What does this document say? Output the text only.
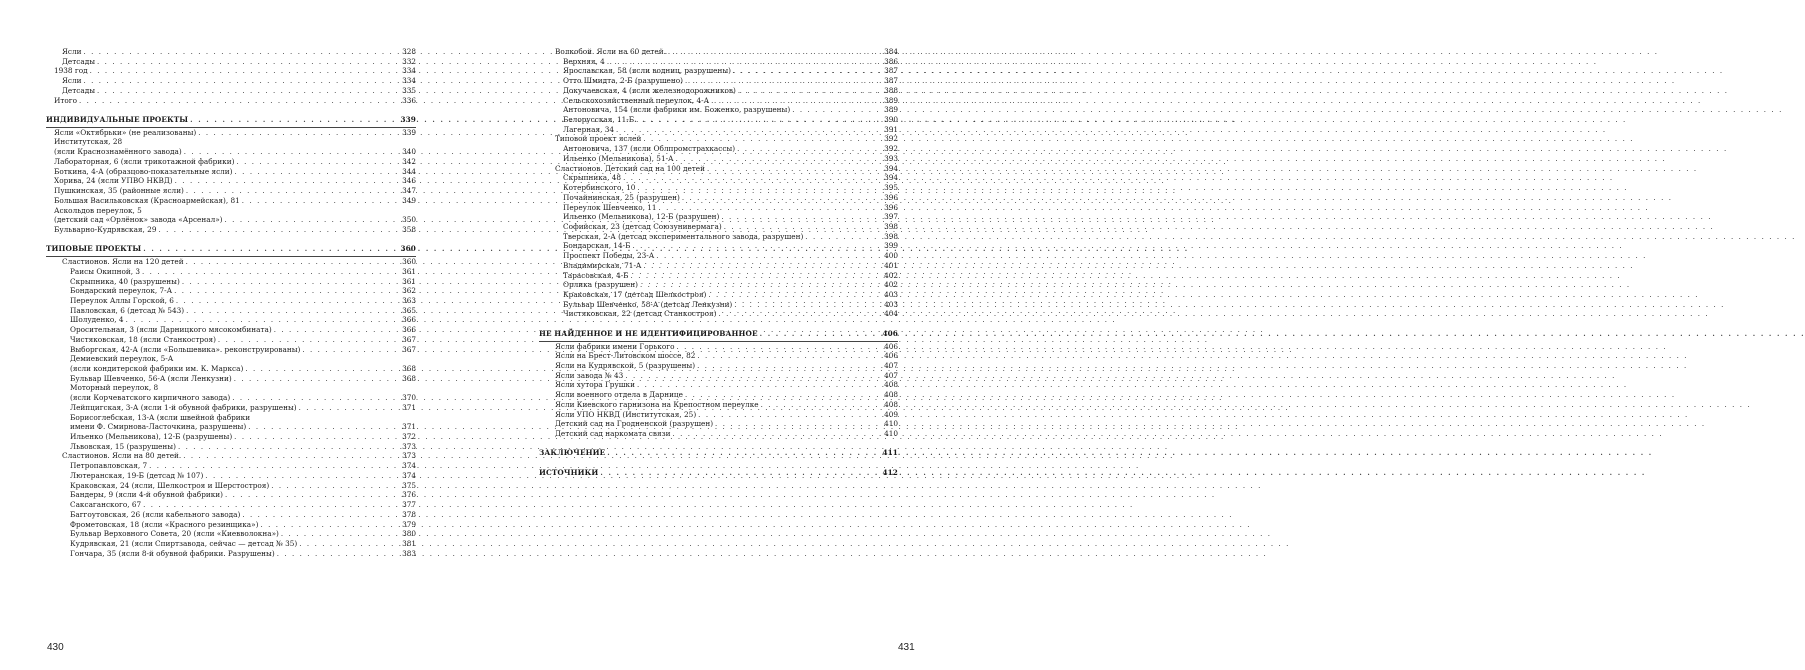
Ясли . . .	328
Детсады . . .	332
1938 год . . .	334
Ясли . . .	334
Детсады . . .	335
Итого . . .	336
ИНДИВИДУАЛЬНЫЕ ПРОЕКТЫ . . .	339
Ясли «Октябрьки» (не реализованы) . . .	339
Институтская, 28
(ясли Краснознамённого завода) . . .	340
Лабораторная, 6 (ясли трикотажной фабрики) . . .	342
Боткина, 4-А (образцово-показательные ясли) . . .	344
Хорива, 24 (ясли УПВО НКВД) . . .	346
Пушкинская, 35 (районные ясли) . . .	347
Большая Васильковская (Красноармейская), 81 . . .	349
Аскольдов переулок, 5
(детский сад «Орлёнок» завода «Арсенал») . . .	350
Бульварно-Кудрявская, 29 . . .	358
ТИПОВЫЕ ПРОЕКТЫ . . .	360
Сластионов. Ясли на 120 детей . . .	360
Раисы Окипной, 3 . . .	361
Скрыпника, 40 (разрушены) . . .	361
Бондарский переулок, 7-А . . .	362
Переулок Аллы Горской, 6 . . .	363
Павловская, 6 (детсад № 543) . . .	365
Шолуденко, 4 . . .	366
Оросительная, 3 (ясли Дарницкого мясокомбината) . . .	366
Чистяковская, 18 (ясли Станкостроя) . . .	367
Выборгская, 42-А (ясли «Большевика». реконструированы) . . .	367
Демиевский переулок, 5-А
(ясли кондитерской фабрики им. К. Маркса) . . .	368
Бульвар Шевченко, 56-А (ясли Ленкузни) . . .	368
Моторный переулок, 8
(ясли Корчеватского кирпичного завода) . . .	370
Лейпцигская, 3-А (ясли 1-й обувной фабрики, разрушены) . . .	371
Борисоглебская, 13-А (ясли швейной фабрики
имени Ф. Смирнова-Ласточкина, разрушены) . . .	371
Ильенко (Мельникова), 12-Б (разрушены) . . .	372
Львовская, 15 (разрушены) . . .	373
Сластионов. Ясли на 80 детей. . . .	373
Петропавловская, 7 . . .	374
Лютеранская, 19-Б (детсад № 107) . . .	374
Краковская, 24 (ясли, Шелкостроя и Шерстостроя) . . .	375
Бандеры, 9 (ясли 4-й обувной фабрики) . . .	376
Саксаганского, 67 . . .	377
Баггоутовская, 26 (ясли кабельного завода) . . .	378
Фрометовская, 18 (ясли «Красного резинщика») . . .	379
Бульвар Верховного Совета, 20 (ясли «Киевволокна») . . .	380
Кудрявская, 21 (ясли Спиртзавода, сейчас — детсад № 35) . . .	381
Гончара, 35 (ясли 8-й обувной фабрики. Разрушены) . . .	383
430
Волкобой. Ясли на 60 детей. . . .	384
Верхняя, 4 . . .	386
Ярославская, 58 (ясли водниц, разрушены) . . .	387
Отто Шмидта, 2-Б (разрушено) . . .	387
Докучаевская, 4 (ясли железнодорожников) . . .	388
Сельскохозяйственный переулок, 4-А . . .	389
Антоновича, 154 (ясли фабрики им. Боженко, разрушены) . . .	389
Белорусская, 11-Б . . .	390
Лагерная, 34 . . .	391
Типовой проект яслей . . .	392
Антоновича, 137 (ясли Облпромстраxкассы) . . .	392
Ильенко (Мельникова), 51-А . . .	393
Сластионов. Детский сад на 100 детей . . .	394
Скрыпника, 48 . . .	394
Котербинского, 10 . . .	395
Почайнинская, 25 (разрушен) . . .	396
Переулок Шевченко, 11 . . .	396
Ильенко (Мельникова), 12-Б (разрушен) . . .	397
Софийская, 23 (детсад Союзунивермага) . . .	398
Тверская, 2-А (детсад экспериментального завода, разрушен) . . .	398
Бондарская, 14-Б . . .	399
Проспект Победы, 23-А . . .	400
Владимирская, 71-А . . .	401
Тарасовская, 4-Б . . .	402
Орлика (разрушен) . . .	402
Краковская, 17 (детсад Шелкостроя) . . .	403
Бульвар Шевченко, 58-А (детсад Ленкузни) . . .	403
Чистяковская, 22 (детсад Станкостроя) . . .	404
НЕ НАЙДЕННОЕ И НЕ ИДЕНТИФИЦИРОВАННОЕ . . .	406
Ясли фабрики имени Горького . . .	406
Ясли на Брест-Литовском шоссе, 82 . . .	406
Ясли на Кудрявской, 5 (разрушены) . . .	407
Ясли завода № 43 . . .	407
Ясли хутора Грушки . . .	408
Ясли военного отдела в Дарнице . . .	408
Ясли Киевского гарнизона на Крепостном переулке . . .	408
Ясли УПО НКВД (Институтская, 25) . . .	409
Детский сад на Гродненской (разрушен) . . .	410
Детский сад наркомата связи . . .	410
ЗАКЛЮЧЕНИЕ . . .	411
ИСТОЧНИКИ . . .	412
431
